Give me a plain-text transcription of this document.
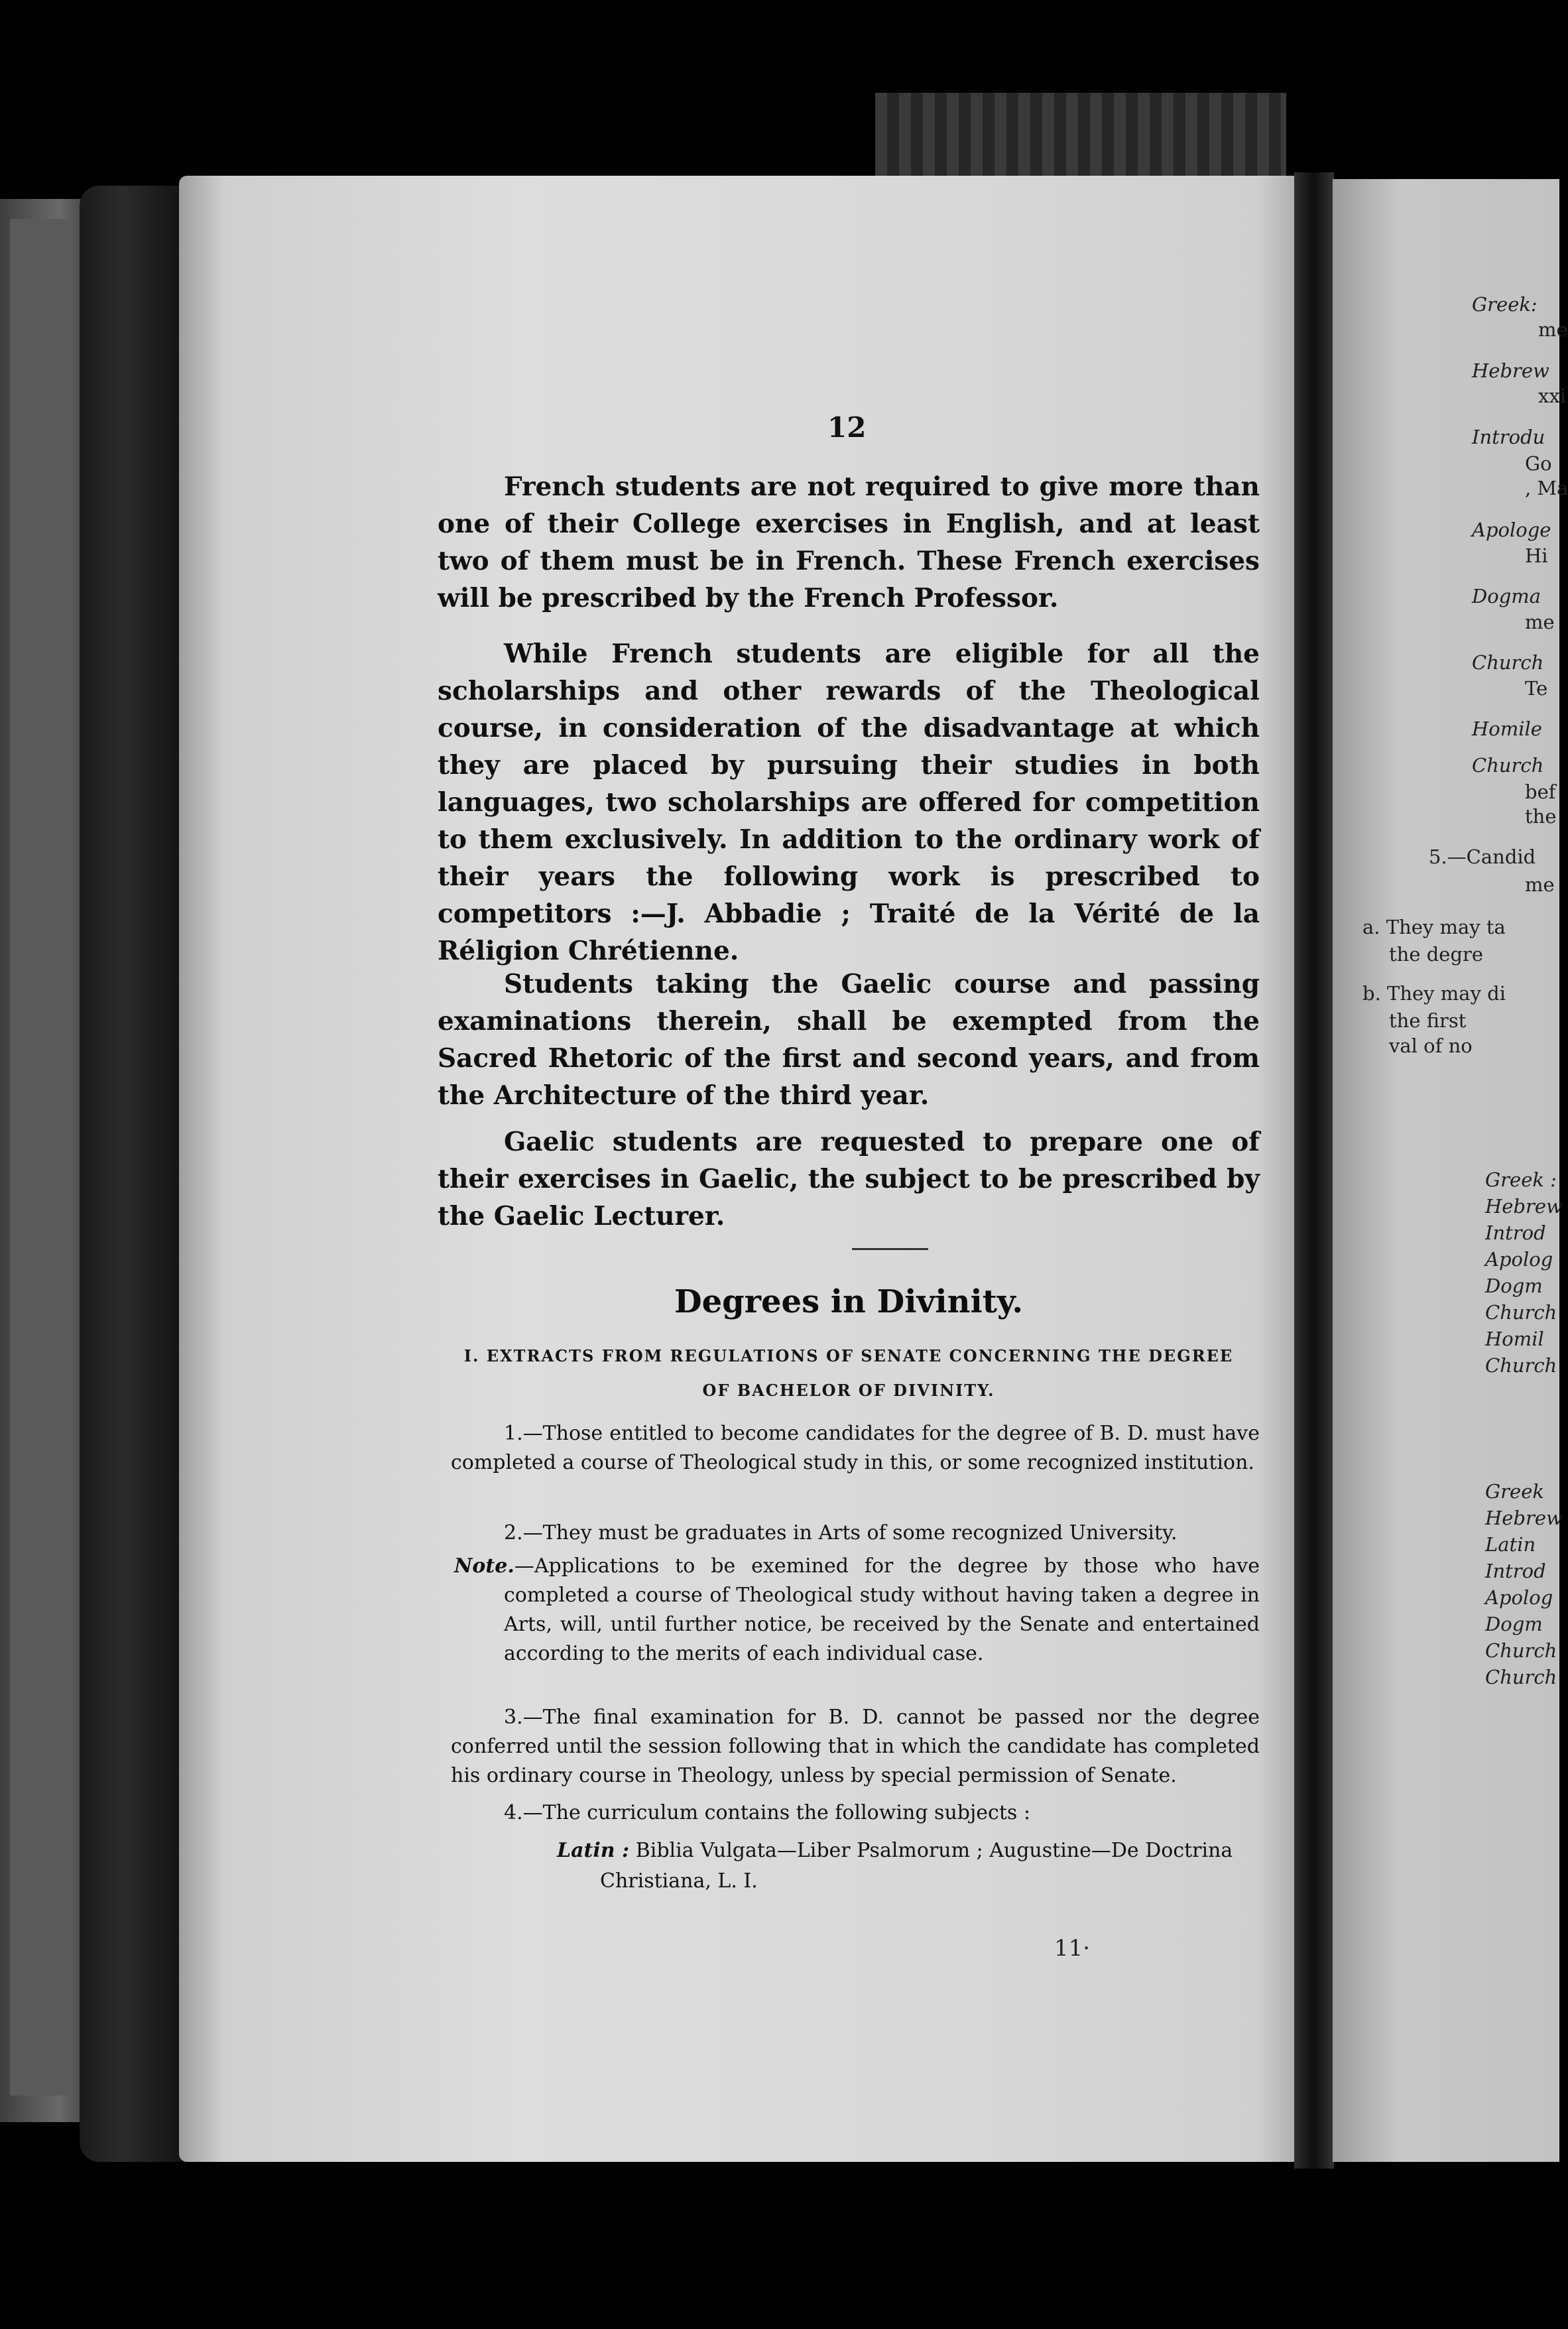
12

French students are not required to give more than one of their College exercises in English, and at least two of them must be in French. These French exercises will be prescribed by the French Professor.

While French students are eligible for all the scholarships and other rewards of the Theological course, in consideration of the disadvantage at which they are placed by pursuing their studies in both languages, two scholarships are offered for competition to them exclusively. In addition to the ordinary work of their years the following work is prescribed to competitors :—J. Abbadie ; Traité de la Vérité de la Réligion Chrétienne.

Students taking the Gaelic course and passing examinations therein, shall be exempted from the Sacred Rhetoric of the first and second years, and from the Architecture of the third year.

Gaelic students are requested to prepare one of their exercises in Gaelic, the subject to be prescribed by the Gaelic Lecturer.

Degrees in Divinity.

I. EXTRACTS FROM REGULATIONS OF SENATE CONCERNING THE DEGREE

OF BACHELOR OF DIVINITY.

1.—Those entitled to become candidates for the degree of B. D. must have completed a course of Theological study in this, or some recognized institution.

2.—They must be graduates in Arts of some recognized University.

Note.—Applications to be exemined for the degree by those who have completed a course of Theological study without having taken a degree in Arts, will, until further notice, be received by the Senate and entertained according to the merits of each individual case.

3.—The final examination for B. D. cannot be passed nor the degree conferred until the session following that in which the candidate has completed his ordinary course in Theology, unless by special permission of Senate.

4.—The curriculum contains the following subjects :

Latin : Biblia Vulgata—Liber Psalmorum ; Augustine—De Doctrina

Christiana, L. I.

11·
Greek:
me
Hebrew
xxi
Introdu
Go
, Ma
Apologe
Hi
Dogma
me
Church
Te
Homile
Church
bef
the
5.—Candid
me
a. They may ta
the degre
b. They may di
the first
val of no
Greek :
Hebrew
Introd
Apolog
Dogm
Church
Homil
Church
Greek
Hebrew
Latin
Introd
Apolog
Dogm
Church
Church
